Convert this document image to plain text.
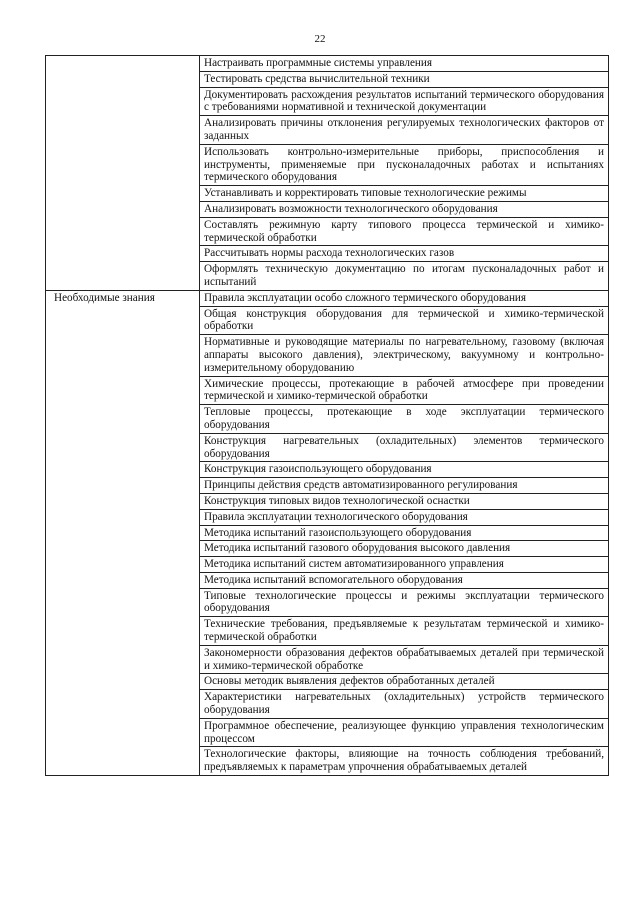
22
	Настраивать программные системы управления
	Тестировать средства вычислительной техники
	Документировать расхождения результатов испытаний термического оборудования с требованиями нормативной и технической документации
	Анализировать причины отклонения регулируемых технологических факторов от заданных
	Использовать контрольно-измерительные приборы, приспособления и инструменты, применяемые при пусконаладочных работах и испытаниях термического оборудования
	Устанавливать и корректировать типовые технологические режимы
	Анализировать возможности технологического оборудования
	Составлять режимную карту типового процесса термической и химико-термической обработки
	Рассчитывать нормы расхода технологических газов
	Оформлять техническую документацию по итогам пусконаладочных работ и испытаний
Необходимые знания	Правила эксплуатации особо сложного термического оборудования
	Общая конструкция оборудования для термической и химико-термической обработки
	Нормативные и руководящие материалы по нагревательному, газовому (включая аппараты высокого давления), электрическому, вакуумному и контрольно-измерительному оборудованию
	Химические процессы, протекающие в рабочей атмосфере при проведении термической и химико-термической обработки
	Тепловые процессы, протекающие в ходе эксплуатации термического оборудования
	Конструкция нагревательных (охладительных) элементов термического оборудования
	Конструкция газоиспользующего оборудования
	Принципы действия средств автоматизированного регулирования
	Конструкция типовых видов технологической оснастки
	Правила эксплуатации технологического оборудования
	Методика испытаний газоиспользующего оборудования
	Методика испытаний газового оборудования высокого давления
	Методика испытаний систем автоматизированного управления
	Методика испытаний вспомогательного оборудования
	Типовые технологические процессы и режимы эксплуатации термического оборудования
	Технические требования, предъявляемые к результатам термической и химико-термической обработки
	Закономерности образования дефектов обрабатываемых деталей при термической и химико-термической обработке
	Основы методик выявления дефектов обработанных деталей
	Характеристики нагревательных (охладительных) устройств термического оборудования
	Программное обеспечение, реализующее функцию управления технологическим процессом
	Технологические факторы, влияющие на точность соблюдения требований, предъявляемых к параметрам упрочнения обрабатываемых деталей
